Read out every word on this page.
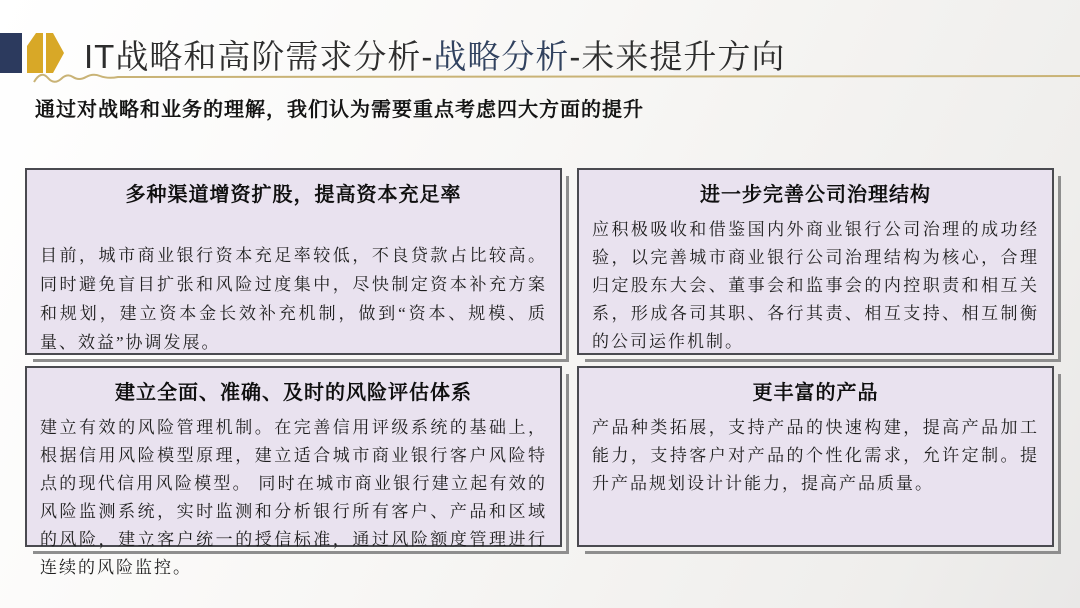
IT战略和高阶需求分析-战略分析-未来提升方向
通过对战略和业务的理解，我们认为需要重点考虑四大方面的提升
多种渠道增资扩股，提高资本充足率
目前，城市商业银行资本充足率较低，不良贷款占比较高。 同时避免盲目扩张和风险过度集中，尽快制定资本补充方案和规划，建立资本金长效补充机制，做到“资本、规模、质量、效益”协调发展。
进一步完善公司治理结构
应积极吸收和借鉴国内外商业银行公司治理的成功经验，以完善城市商业银行公司治理结构为核心，合理归定股东大会、董事会和监事会的内控职责和相互关系，形成各司其职、各行其责、相互支持、相互制衡的公司运作机制。
建立全面、准确、及时的风险评估体系
建立有效的风险管理机制。在完善信用评级系统的基础上，根据信用风险模型原理，建立适合城市商业银行客户风险特点的现代信用风险模型。 同时在城市商业银行建立起有效的风险监测系统，实时监测和分析银行所有客户、产品和区域的风险，建立客户统一的授信标准，通过风险额度管理进行连续的风险监控。
更丰富的产品
产品种类拓展，支持产品的快速构建，提高产品加工能力，支持客户对产品的个性化需求，允许定制。提升产品规划设计计能力，提高产品质量。
